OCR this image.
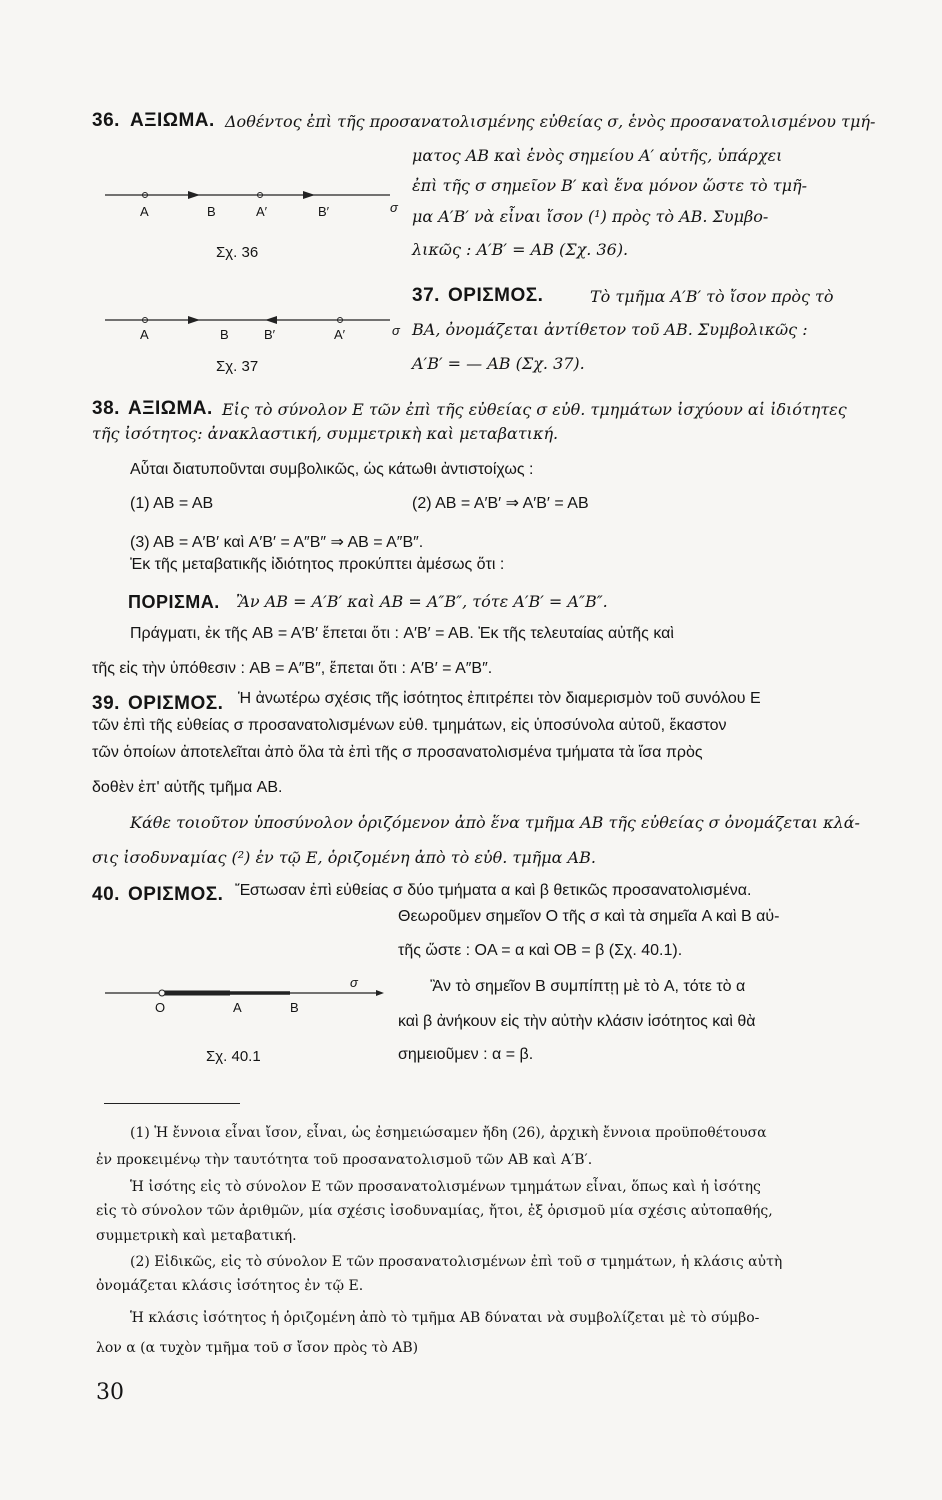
36. ΑΞΙΩΜΑ. Δοθέντος ἐπὶ τῆς προσανατολισμένης εὐθείας σ, ἑνὸς προσανατολισμένου τμή-
ματος AB καὶ ἑνὸς σημείου A′ αὐτῆς, ὑπάρχει
ἐπὶ τῆς σ σημεῖον B′ καὶ ἕνα μόνον ὥστε τὸ τμῆ-
μα A′B′ νὰ εἶναι ἴσον (¹) πρὸς τὸ AB. Συμβο-
λικῶς : A′B′ = AB (Σχ. 36).
A	B	A′	B′	σ
Σχ. 36
37. ΟΡΙΣΜΟΣ.	Τὸ τμῆμα A′B′ τὸ ἴσον πρὸς τὸ
BA, ὀνομάζεται ἀντίθετον τοῦ AB. Συμβολικῶς :
A′B′ = — AB (Σχ. 37).
A	B	B′	A′	σ
Σχ. 37
38. ΑΞΙΩΜΑ. Εἰς τὸ σύνολον E τῶν ἐπὶ τῆς εὐθείας σ εὐθ. τμημάτων ἰσχύουν αἱ ἰδιότητες
τῆς ἰσότητος: ἀνακλαστική, συμμετρικὴ καὶ μεταβατική.
Αὗται διατυποῦνται συμβολικῶς, ὡς κάτωθι ἀντιστοίχως :
(1) AB = AB	(2) AB = A′B′ ⇒ A′B′ = AB
(3) AB = A′B′ καὶ A′B′ = A″B″ ⇒ AB = A″B″.
Ἐκ τῆς μεταβατικῆς ἰδιότητος προκύπτει ἀμέσως ὅτι :
ΠΟΡΙΣΜΑ. Ἂν AB = A′B′ καὶ AB = A″B″, τότε A′B′ = A″B″.
Πράγματι, ἐκ τῆς AB = A′B′ ἕπεται ὅτι : A′B′ = AB. Ἐκ τῆς τελευταίας αὐτῆς καὶ
τῆς εἰς τὴν ὑπόθεσιν : AB = A″B″, ἕπεται ὅτι : A′B′ = A″B″.
39. ΟΡΙΣΜΟΣ. Ἡ ἀνωτέρω σχέσις τῆς ἰσότητος ἐπιτρέπει τὸν διαμερισμὸν τοῦ συνόλου E
τῶν ἐπὶ τῆς εὐθείας σ προσανατολισμένων εὐθ. τμημάτων, εἰς ὑποσύνολα αὐτοῦ, ἕκαστον
τῶν ὁποίων ἀποτελεῖται ἀπὸ ὅλα τὰ ἐπὶ τῆς σ προσανατολισμένα τμήματα τὰ ἴσα πρὸς
δοθὲν ἐπ' αὐτῆς τμῆμα AB.
Κάθε τοιοῦτον ὑποσύνολον ὁριζόμενον ἀπὸ ἕνα τμῆμα AB τῆς εὐθείας σ ὀνομάζεται κλά-
σις ἰσοδυναμίας (²) ἐν τῷ E, ὁριζομένη ἀπὸ τὸ εὐθ. τμῆμα AB.
40. ΟΡΙΣΜΟΣ. Ἔστωσαν ἐπὶ εὐθείας σ δύο τμήματα α καὶ β θετικῶς προσανατολισμένα.
Θεωροῦμεν σημεῖον O τῆς σ καὶ τὰ σημεῖα A καὶ B αὐ-
τῆς ὥστε : OA = α καὶ OB = β (Σχ. 40.1).
Ἂν τὸ σημεῖον B συμπίπτῃ μὲ τὸ A, τότε τὸ α
καὶ β ἀνήκουν εἰς τὴν αὐτὴν κλάσιν ἰσότητος καὶ θὰ
σημειοῦμεν : α = β.
O	A	B
σ
Σχ. 40.1
(1) Ἡ ἔννοια εἶναι ἴσον, εἶναι, ὡς ἐσημειώσαμεν ἤδη (26), ἀρχικὴ ἔννοια προϋποθέτουσα
ἐν προκειμένῳ τὴν ταυτότητα τοῦ προσανατολισμοῦ τῶν AB καὶ A′B′.
Ἡ ἰσότης εἰς τὸ σύνολον E τῶν προσανατολισμένων τμημάτων εἶναι, ὅπως καὶ ἡ ἰσότης
εἰς τὸ σύνολον τῶν ἀριθμῶν, μία σχέσις ἰσοδυναμίας, ἤτοι, ἐξ ὁρισμοῦ μία σχέσις αὐτοπαθής,
συμμετρικὴ καὶ μεταβατική.
(2) Εἰδικῶς, εἰς τὸ σύνολον E τῶν προσανατολισμένων ἐπὶ τοῦ σ τμημάτων, ἡ κλάσις αὐτὴ
ὀνομάζεται κλάσις ἰσότητος ἐν τῷ E.
Ἡ κλάσις ἰσότητος ἡ ὁριζομένη ἀπὸ τὸ τμῆμα AB δύναται νὰ συμβολίζεται μὲ τὸ σύμβο-
λον α (α τυχὸν τμῆμα τοῦ σ ἴσον πρὸς τὸ AB)
30
